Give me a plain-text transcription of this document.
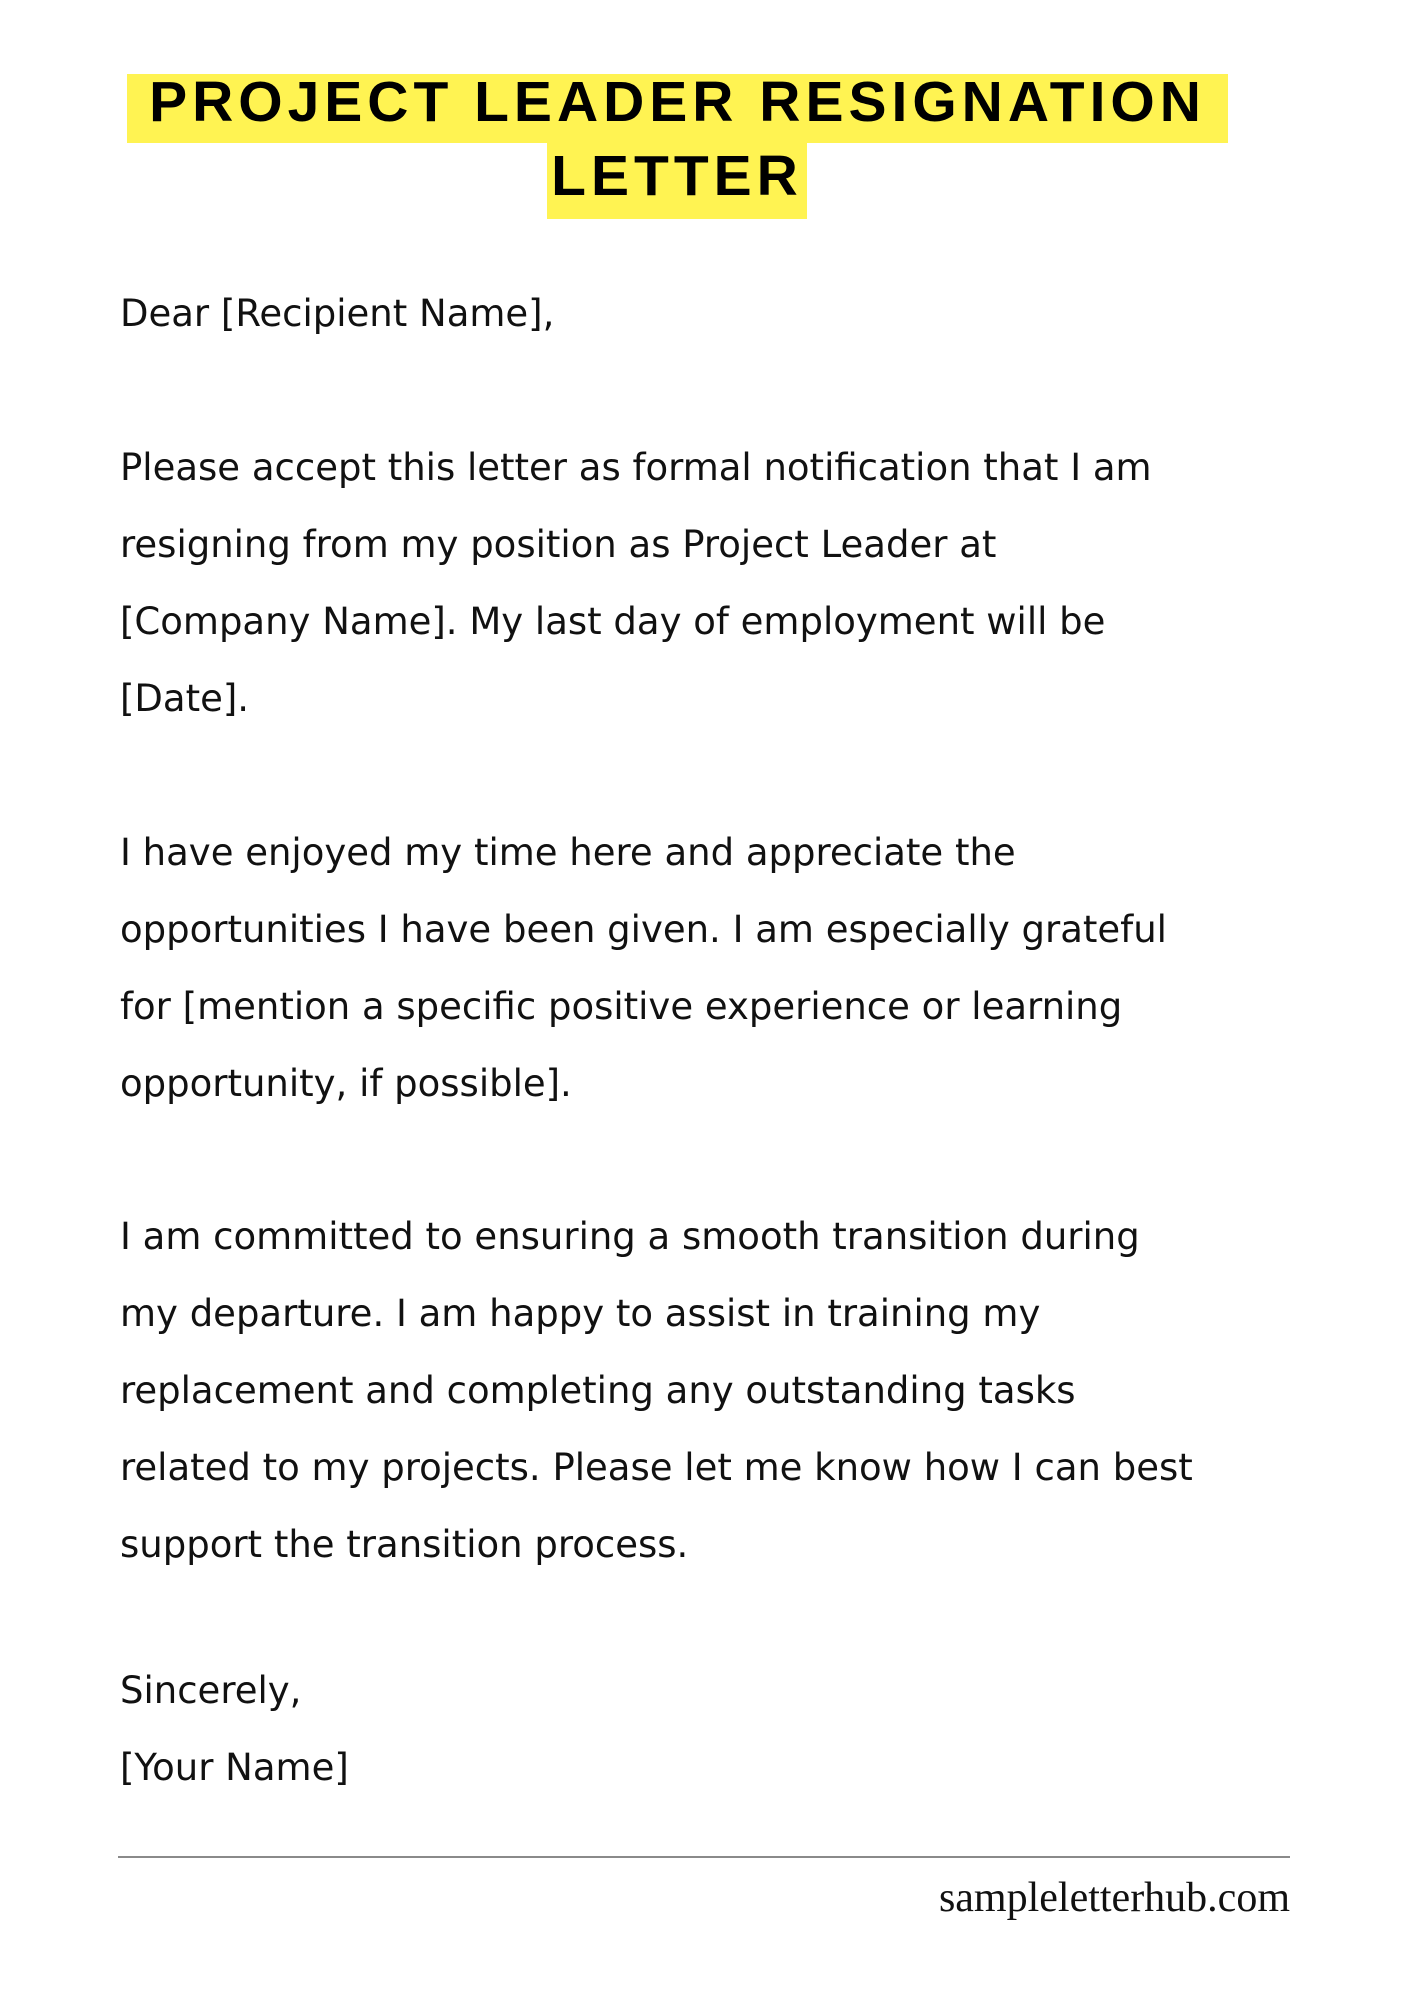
PROJECT LEADER RESIGNATION
LETTER
Dear [Recipient Name],
Please accept this letter as formal notification that I am
resigning from my position as Project Leader at
[Company Name]. My last day of employment will be
[Date].
I have enjoyed my time here and appreciate the
opportunities I have been given. I am especially grateful
for [mention a specific positive experience or learning
opportunity, if possible].
I am committed to ensuring a smooth transition during
my departure. I am happy to assist in training my
replacement and completing any outstanding tasks
related to my projects. Please let me know how I can best
support the transition process.
Sincerely,
[Your Name]
sampleletterhub.com
